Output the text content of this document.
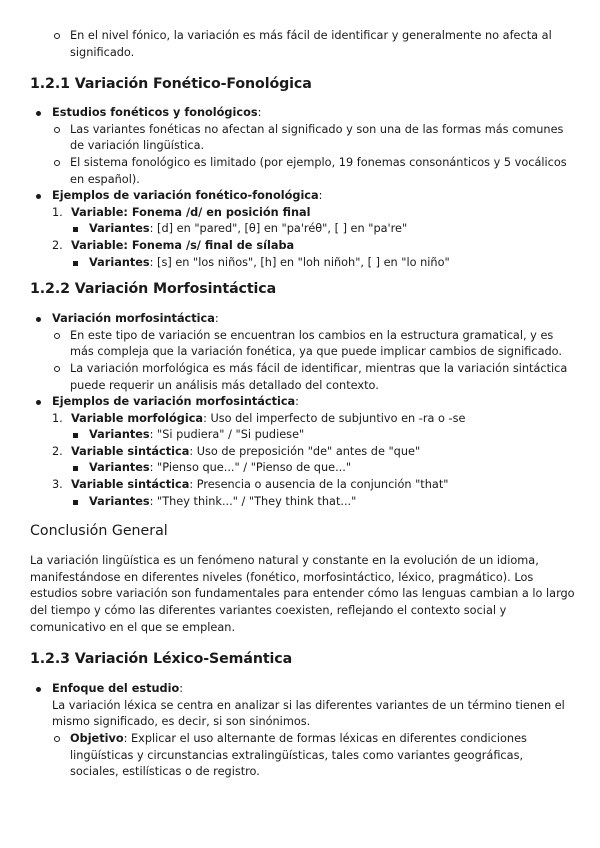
En el nivel fónico, la variación es más fácil de identificar y generalmente no afecta al significado.
1.2.1 Variación Fonético-Fonológica
Estudios fonéticos y fonológicos:
Las variantes fonéticas no afectan al significado y son una de las formas más comunes de variación lingüística.
El sistema fonológico es limitado (por ejemplo, 19 fonemas consonánticos y 5 vocálicos en español).
Ejemplos de variación fonético-fonológica:
1. Variable: Fonema /d/ en posición final
Variantes: [d] en "pared", [θ] en "pa'réθ", [ ] en "pa're"
2. Variable: Fonema /s/ final de sílaba
Variantes: [s] en "los niños", [h] en "loh niñoh", [ ] en "lo niño"
1.2.2 Variación Morfosintáctica
Variación morfosintáctica:
En este tipo de variación se encuentran los cambios en la estructura gramatical, y es más compleja que la variación fonética, ya que puede implicar cambios de significado.
La variación morfológica es más fácil de identificar, mientras que la variación sintáctica puede requerir un análisis más detallado del contexto.
Ejemplos de variación morfosintáctica:
1. Variable morfológica: Uso del imperfecto de subjuntivo en -ra o -se
Variantes: "Si pudiera" / "Si pudiese"
2. Variable sintáctica: Uso de preposición "de" antes de "que"
Variantes: "Pienso que..." / "Pienso de que..."
3. Variable sintáctica: Presencia o ausencia de la conjunción "that"
Variantes: "They think..." / "They think that..."
Conclusión General

La variación lingüística es un fenómeno natural y constante en la evolución de un idioma, manifestándose en diferentes niveles (fonético, morfosintáctico, léxico, pragmático). Los estudios sobre variación son fundamentales para entender cómo las lenguas cambian a lo largo del tiempo y cómo las diferentes variantes coexisten, reflejando el contexto social y comunicativo en el que se emplean.

1.2.3 Variación Léxico-Semántica
Enfoque del estudio:

La variación léxica se centra en analizar si las diferentes variantes de un término tienen el mismo significado, es decir, si son sinónimos.

Objetivo: Explicar el uso alternante de formas léxicas en diferentes condiciones lingüísticas y circunstancias extralingüísticas, tales como variantes geográficas, sociales, estilísticas o de registro.
